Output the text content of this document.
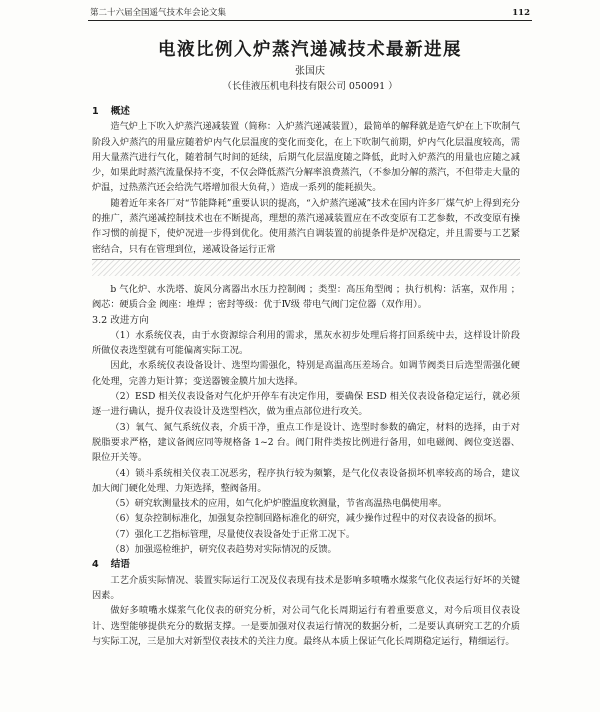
第二十六届全国遥气技术年会论文集	112
电液比例入炉蒸汽递减技术最新进展
张国庆
（长佳液压机电科技有限公司 050091 ）
1 概述

造气炉上下吹入炉蒸汽递减装置（简称：入炉蒸汽递减装置），最简单的解释就是造气炉在上下吹制气阶段入炉蒸汽的用量应随着炉内气化层温度的变化而变化，在上下吹制气前期，炉内气化层温度较高，需用大量蒸汽进行气化，随着制气时间的延续，后期气化层温度随之降低，此时入炉蒸汽的用量也应随之减少，如果此时蒸汽流量保持不变，不仅会降低蒸汽分解率浪费蒸汽，（不参加分解的蒸汽，不但带走大量的炉温，过热蒸汽还会给洗气塔增加很大负荷，）造成一系列的能耗损失。

随着近年来各厂对“节能降耗”重要认识的提高，“入炉蒸汽递减”技术在国内许多厂煤气炉上得到充分的推广，蒸汽递减控制技术也在不断提高，理想的蒸汽递减装置应在不改变原有工艺参数，不改变原有操作习惯的前提下，使炉况进一步得到优化。使用蒸汽自调装置的前提条件是炉况稳定，并且需要与工艺紧密结合，只有在管理到位，递减设备运行正常

b 气化炉、水洗塔、旋风分离器出水压力控制阀 ；类型：高压角型阀 ；执行机构：活塞，双作用 ；阀芯：硬质合金 阀座：堆焊 ；密封等级：优于Ⅳ级 带电气阀门定位器（双作用）。

3.2 改进方向

（1）水系统仪表，由于水资源综合利用的需求，黑灰水初步处理后将打回系统中去，这样设计阶段所做仪表选型就有可能偏离实际工况。

因此，水系统仪表设备设计、选型均需强化，特别是高温高压差场合。如调节阀类日后选型需强化硬化处理，完善力矩计算；变送器镀金膜片加大选择。

（2）ESD 相关仪表设备对气化炉开停车有决定作用，要确保 ESD 相关仪表设备稳定运行，就必须逐一进行确认，提升仪表设计及选型档次，做为重点部位进行攻关。

（3）氧气、氮气系统仪表，介质干净，重点工作是设计、选型时参数的确定，材料的选择，由于对脱脂要求严格，建议备阀应同等规格备 1~2 台。阀门附件类按比例进行备用，如电磁阀、阀位变送器、限位开关等。

（4）锁斗系统相关仪表工况恶劣，程序执行较为频繁，是气化仪表设备损坏机率较高的场合，建议加大阀门硬化处理、力矩选择，整阀备用。

（5）研究软测量技术的应用，如气化炉炉膛温度软测量，节省高温热电偶使用率。

（6）复杂控制标准化，加强复杂控制回路标准化的研究，减少操作过程中的对仪表设备的损坏。

（7）强化工艺指标管理，尽量使仪表设备处于正常工况下。

（8）加强巡检维护，研究仪表趋势对实际情况的反馈。

4 结语

工艺介质实际情况、装置实际运行工况及仪表现有技术是影响多喷嘴水煤浆气化仪表运行好坏的关键因素。

做好多喷嘴水煤浆气化仪表的研究分析，对公司气化长周期运行有着重要意义，对今后项目仪表设计、选型能够提供充分的数据支撑。一是要加强对仪表运行情况的数据分析，二是要认真研究工艺的介质与实际工况，三是加大对新型仪表技术的关注力度。最终从本质上保证气化长周期稳定运行，精细运行。
